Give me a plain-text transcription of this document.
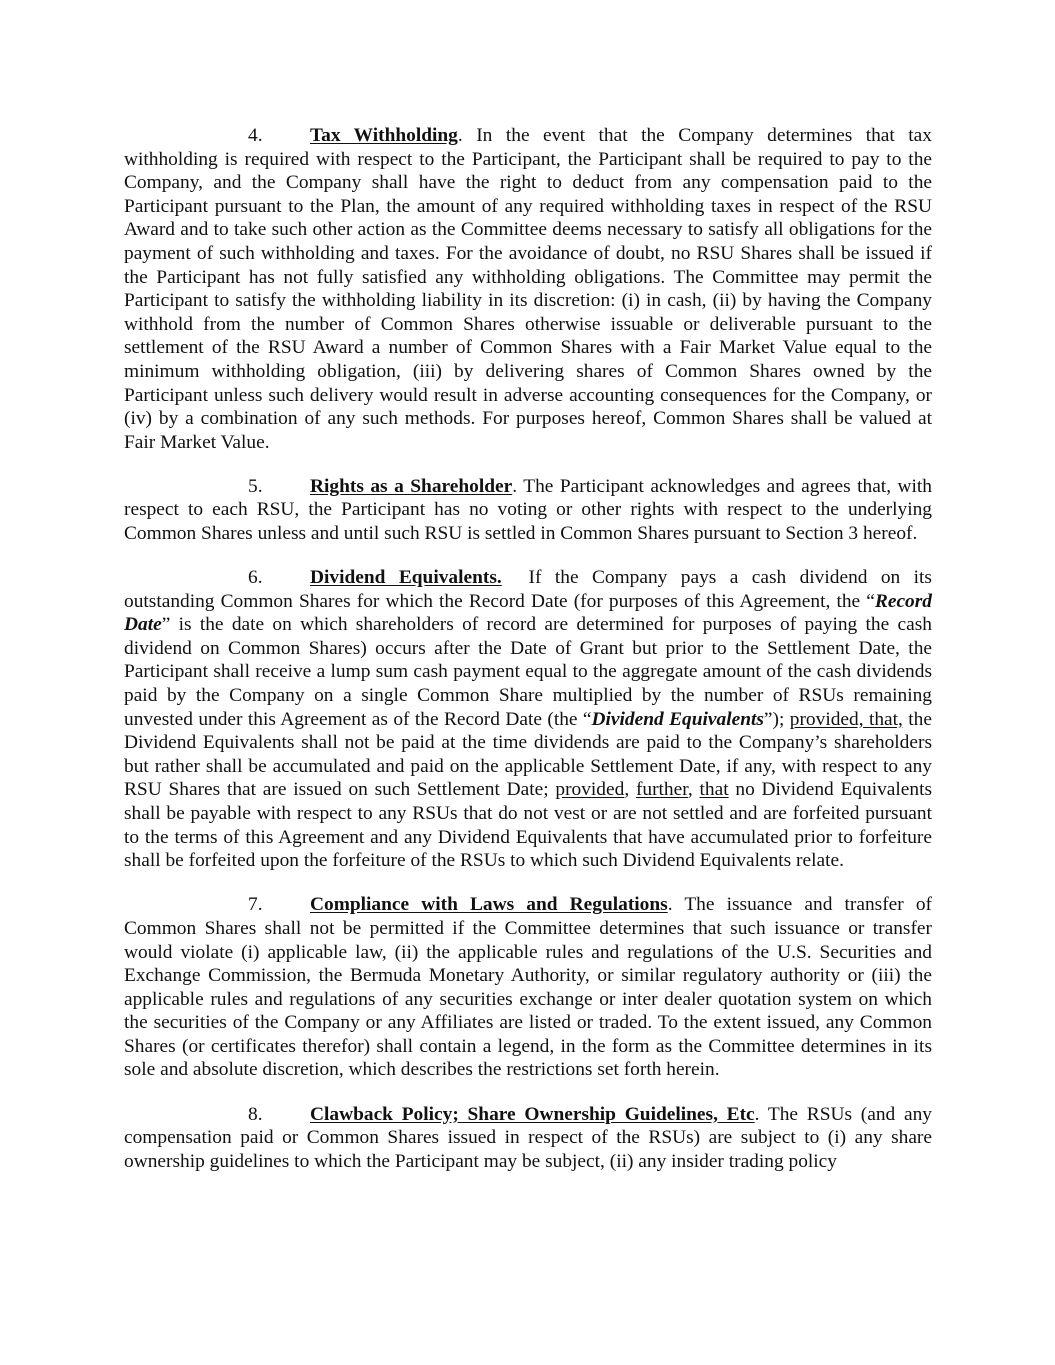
4. Tax Withholding. In the event that the Company determines that tax withholding is required with respect to the Participant, the Participant shall be required to pay to the Company, and the Company shall have the right to deduct from any compensation paid to the Participant pursuant to the Plan, the amount of any required withholding taxes in respect of the RSU Award and to take such other action as the Committee deems necessary to satisfy all obligations for the payment of such withholding and taxes. For the avoidance of doubt, no RSU Shares shall be issued if the Participant has not fully satisfied any withholding obligations. The Committee may permit the Participant to satisfy the withholding liability in its discretion: (i) in cash, (ii) by having the Company withhold from the number of Common Shares otherwise issuable or deliverable pursuant to the settlement of the RSU Award a number of Common Shares with a Fair Market Value equal to the minimum withholding obligation, (iii) by delivering shares of Common Shares owned by the Participant unless such delivery would result in adverse accounting consequences for the Company, or (iv) by a combination of any such methods. For purposes hereof, Common Shares shall be valued at Fair Market Value.

5. Rights as a Shareholder. The Participant acknowledges and agrees that, with respect to each RSU, the Participant has no voting or other rights with respect to the underlying Common Shares unless and until such RSU is settled in Common Shares pursuant to Section 3 hereof.

6. Dividend Equivalents.  If the Company pays a cash dividend on its outstanding Common Shares for which the Record Date (for purposes of this Agreement, the “Record Date” is the date on which shareholders of record are determined for purposes of paying the cash dividend on Common Shares) occurs after the Date of Grant but prior to the Settlement Date, the Participant shall receive a lump sum cash payment equal to the aggregate amount of the cash dividends paid by the Company on a single Common Share multiplied by the number of RSUs remaining unvested under this Agreement as of the Record Date (the “Dividend Equivalents”); provided, that, the Dividend Equivalents shall not be paid at the time dividends are paid to the Company’s shareholders but rather shall be accumulated and paid on the applicable Settlement Date, if any, with respect to any RSU Shares that are issued on such Settlement Date; provided, further, that no Dividend Equivalents shall be payable with respect to any RSUs that do not vest or are not settled and are forfeited pursuant to the terms of this Agreement and any Dividend Equivalents that have accumulated prior to forfeiture shall be forfeited upon the forfeiture of the RSUs to which such Dividend Equivalents relate.

7. Compliance with Laws and Regulations. The issuance and transfer of Common Shares shall not be permitted if the Committee determines that such issuance or transfer would violate (i) applicable law, (ii) the applicable rules and regulations of the U.S. Securities and Exchange Commission, the Bermuda Monetary Authority, or similar regulatory authority or (iii) the applicable rules and regulations of any securities exchange or inter dealer quotation system on which the securities of the Company or any Affiliates are listed or traded. To the extent issued, any Common Shares (or certificates therefor) shall contain a legend, in the form as the Committee determines in its sole and absolute discretion, which describes the restrictions set forth herein.

8. Clawback Policy; Share Ownership Guidelines, Etc. The RSUs (and any compensation paid or Common Shares issued in respect of the RSUs) are subject to (i) any share ownership guidelines to which the Participant may be subject, (ii) any insider trading policy
